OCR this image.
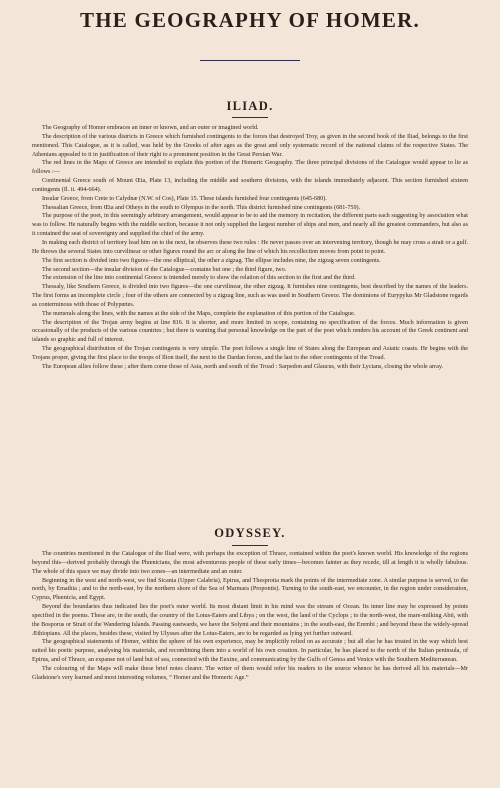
THE GEOGRAPHY OF HOMER.
ILIAD.

The Geography of Homer embraces an inner or known, and an outer or imagined world.

The description of the various districts in Greece which furnished contingents to the forces that destroyed Troy, as given in the second book of the Iliad, belongs to the first mentioned. This Catalogue, as it is called, was held by the Greeks of after ages as the great and only systematic record of the national claims of the respective States. The Athenians appealed to it in justification of their right to a prominent position in the Great Persian War.

The red lines in the Maps of Greece are intended to explain this portion of the Homeric Geography. The three principal divisions of the Catalogue would appear to lie as follows :—

Continental Greece south of Mount Œta, Plate 13, including the middle and southern divisions, with the islands immediately adjacent. This section furnished sixteen contingents (Il. ii. 494-664).

Insular Greece, from Crete to Calydnæ (N.W. of Cos), Plate 15. These islands furnished four contingents (645-680).

Thessalian Greece, from Œta and Otheys in the south to Olympus in the north. This district furnished nine contingents (681-759).

The purpose of the poet, in this seemingly arbitrary arrangement, would appear to be to aid the memory in recitation, the different parts each suggesting by association what was to follow. He naturally begins with the middle section, because it not only supplied the largest number of ships and men, and nearly all the greatest commanders, but also as it contained the seat of sovereignty and supplied the chief of the army.

In making each district of territory lead him on to the next, he observes these two rules : He never passes over an intervening territory, though he may cross a strait or a gulf. He throws the several States into curvilinear or other figures round the arc or along the line of which his recollection moves from point to point.

The first section is divided into two figures—the one elliptical, the other a zigzag. The ellipse includes nine, the zigzag seven contingents.

The second section—the insular division of the Catalogue—contains but one ; the third figure, two.

The extension of the line into continental Greece is intended merely to show the relation of this section to the first and the third.

Thessaly, like Southern Greece, is divided into two figures—the one curvilinear, the other zigzag. It furnishes nine contingents, best described by the names of the leaders. The first forms an incomplete circle ; four of the others are connected by a zigzag line, such as was used in Southern Greece. The dominions of Eurypylus Mr Gladstone regards as conterminous with those of Polypœtes.

The numerals along the lines, with the names at the side of the Maps, complete the explanation of this portion of the Catalogue.

The description of the Trojan army begins at line 816. It is shorter, and more limited in scope, containing no specification of the forces. Much information is given occasionally of the products of the various countries ; but there is wanting that personal knowledge on the part of the poet which renders his account of the Greek continent and islands so graphic and full of interest.

The geographical distribution of the Trojan contingents is very simple. The poet follows a single line of States along the European and Asiatic coasts. He begins with the Trojans proper, giving the first place to the troops of Ilion itself, the next to the Dardan forces, and the last to the other contingents of the Troad.

The European allies follow these ; after them come those of Asia, north and south of the Troad : Sarpedon and Glaucus, with their Lycians, closing the whole array.

ODYSSEY.

The countries mentioned in the Catalogue of the Iliad were, with perhaps the exception of Thrace, contained within the poet's known world. His knowledge of the regions beyond this—derived probably through the Phœnicians, the most adventurous people of these early times—becomes fainter as they recede, till at length it is wholly fabulous. The whole of this space we may divide into two zones—an intermediate and an outer.

Beginning in the west and north-west, we find Sicania (Upper Calabria), Epirus, and Thesprotia mark the points of the intermediate zone. A similar purpose is served, to the north, by Emathia ; and to the north-east, by the northern shore of the Sea of Marmara (Propontis). Turning to the south-east, we encounter, in the region under consideration, Cyprus, Phœnicia, and Egypt.

Beyond the boundaries thus indicated lies the poet's outer world. Its most distant limit in his mind was the stream of Ocean. Its inner line may be expressed by points specified in the poems. These are, in the south, the country of the Lotus-Eaters and Libya ; on the west, the land of the Cyclops ; to the north-west, the mare-milking Abii, with the Bosporus or Strait of the Wandering Islands. Passing eastwards, we have the Solymi and their mountains ; in the south-east, the Erembi ; and beyond these the widely-spread Æthiopians. All the places, besides these, visited by Ulysses after the Lotus-Eaters, are to be regarded as lying yet further outward.

The geographical statements of Homer, within the sphere of his own experience, may be implicitly relied on as accurate ; but all else he has treated in the way which best suited his poetic purpose, analysing his materials, and recombining them into a world of his own creation. In particular, he has placed to the north of the Italian peninsula, of Epirus, and of Thrace, an expanse not of land but of sea, connected with the Euxine, and communicating by the Gulfs of Genoa and Venice with the Southern Mediterranean.

The colouring of the Maps will make these brief notes clearer. The writer of them would refer his readers to the source whence he has derived all his materials—Mr Gladstone's very learned and most interesting volumes, “ Homer and the Homeric Age.”
